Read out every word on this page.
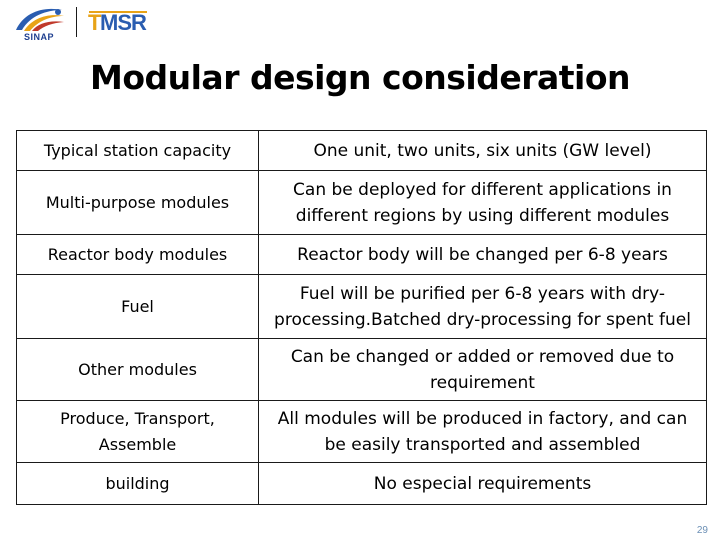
SINAP
T MSR
Modular design consideration
Typical station capacity	One unit, two units, six units (GW level)
Multi-purpose modules	Can be deployed for different applications in different regions by using different modules
Reactor body modules	Reactor body will be changed per 6-8 years
Fuel	Fuel will be purified per 6-8 years with dry-processing.Batched dry-processing for spent fuel
Other modules	Can be changed or added or removed due to requirement
Produce, Transport, Assemble	All modules will be produced in factory, and can be easily transported and assembled
building	No especial requirements
29
